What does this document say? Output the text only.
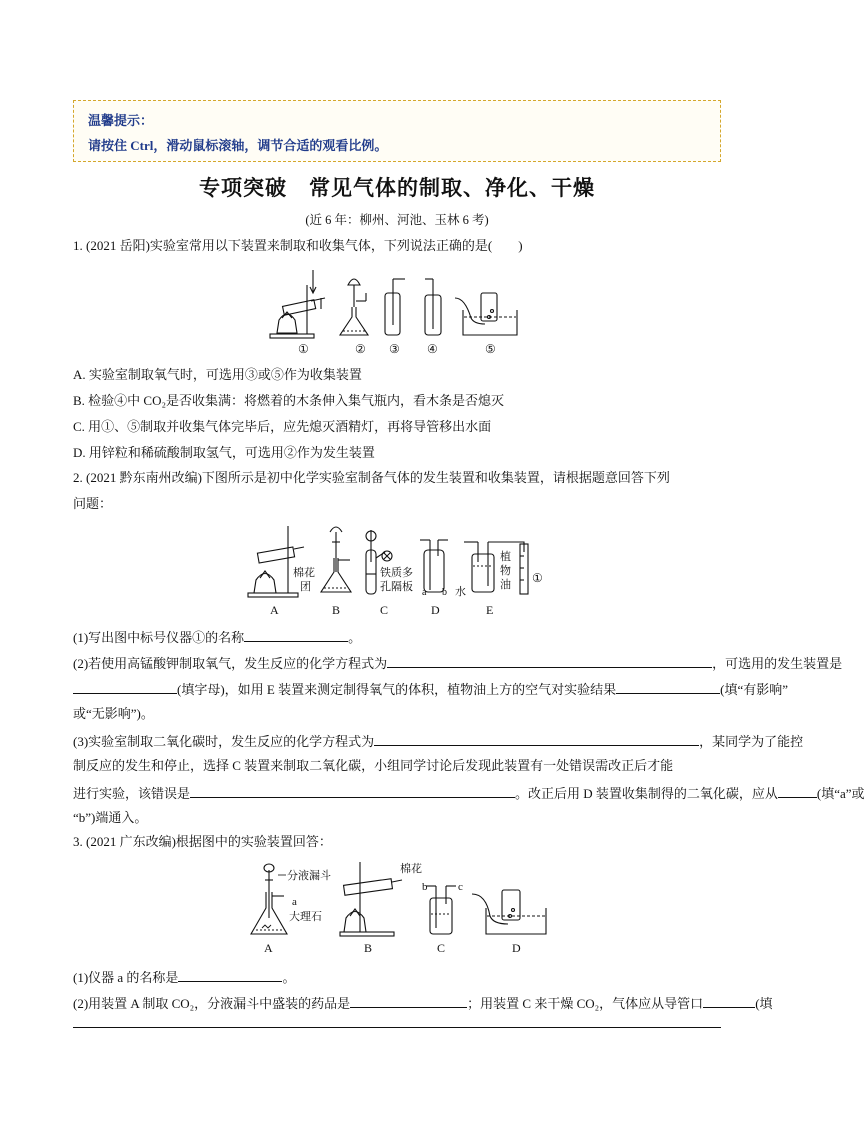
温馨提示：
请按住 Ctrl，滑动鼠标滚轴，调节合适的观看比例。
专项突破　常见气体的制取、净化、干燥
(近 6 年：柳州、河池、玉林 6 考)
1. (2021 岳阳)实验室常用以下装置来制取和收集气体，下列说法正确的是(　　)
①	② ③ ④	⑤
A. 实验室制取氧气时，可选用③或⑤作为收集装置
B. 检验④中 CO₂是否收集满：将燃着的木条伸入集气瓶内，看木条是否熄灭
C. 用①、⑤制取并收集气体完毕后，应先熄灭酒精灯，再将导管移出水面
D. 用锌粒和稀硫酸制取氢气，可选用②作为发生装置
2. (2021 黔东南州改编)下图所示是初中化学实验室制备气体的发生装置和收集装置，请根据题意回答下列
问题：
棉花
团
铁质多
孔隔板 a b 水
植
物
油 ①
A	B	C	D	E
(1)写出图中标号仪器①的名称	。
(2)若使用高锰酸钾制取氧气，发生反应的化学方程式为	，可选用的发生装置是
(填字母)，如用 E 装置来测定制得氧气的体积，植物油上方的空气对实验结果	(填“有影响”
或“无影响”)。
(3)实验室制取二氧化碳时，发生反应的化学方程式为	，某同学为了能控
制反应的发生和停止，选择 C 装置来制取二氧化碳，小组同学讨论后发现此装置有一处错误需改正后才能
进行实验，该错误是	。改正后用 D 装置收集制得的二氧化碳，应从	(填“a”或
“b”)端通入。
3. (2021 广东改编)根据图中的实验装置回答：
分液漏斗
a
大理石
棉花
b	c
A	B	C	D
(1)仪器 a 的名称是	。
(2)用装置 A 制取 CO₂，分液漏斗中盛装的药品是	；用装置 C 来干燥 CO₂，气体应从导管口	(填
